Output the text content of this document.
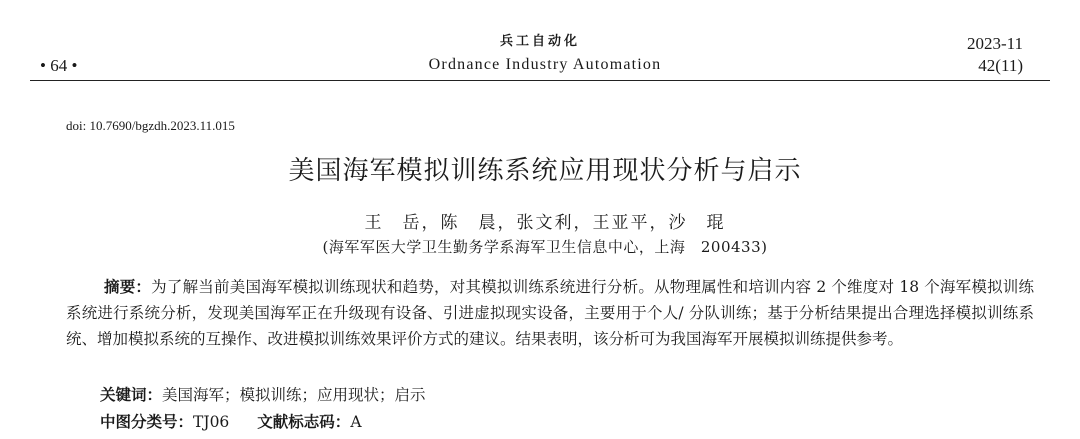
兵工自动化
• 64 •	Ordnance Industry Automation
2023-11
42(11)
doi: 10.7690/bgzdh.2023.11.015
美国海军模拟训练系统应用现状分析与启示
王　岳，陈　晨，张文利，王亚平，沙　琨
(海军军医大学卫生勤务学系海军卫生信息中心，上海　200433)
摘要：为了解当前美国海军模拟训练现状和趋势，对其模拟训练系统进行分析。从物理属性和培训内容 2 个维度对 18 个海军模拟训练系统进行系统分析，发现美国海军正在升级现有设备、引进虚拟现实设备，主要用于个人/ 分队训练；基于分析结果提出合理选择模拟训练系统、增加模拟系统的互操作、改进模拟训练效果评价方式的建议。结果表明，该分析可为我国海军开展模拟训练提供参考。
关键词：美国海军；模拟训练；应用现状；启示
中图分类号：TJ06 文献标志码：A
